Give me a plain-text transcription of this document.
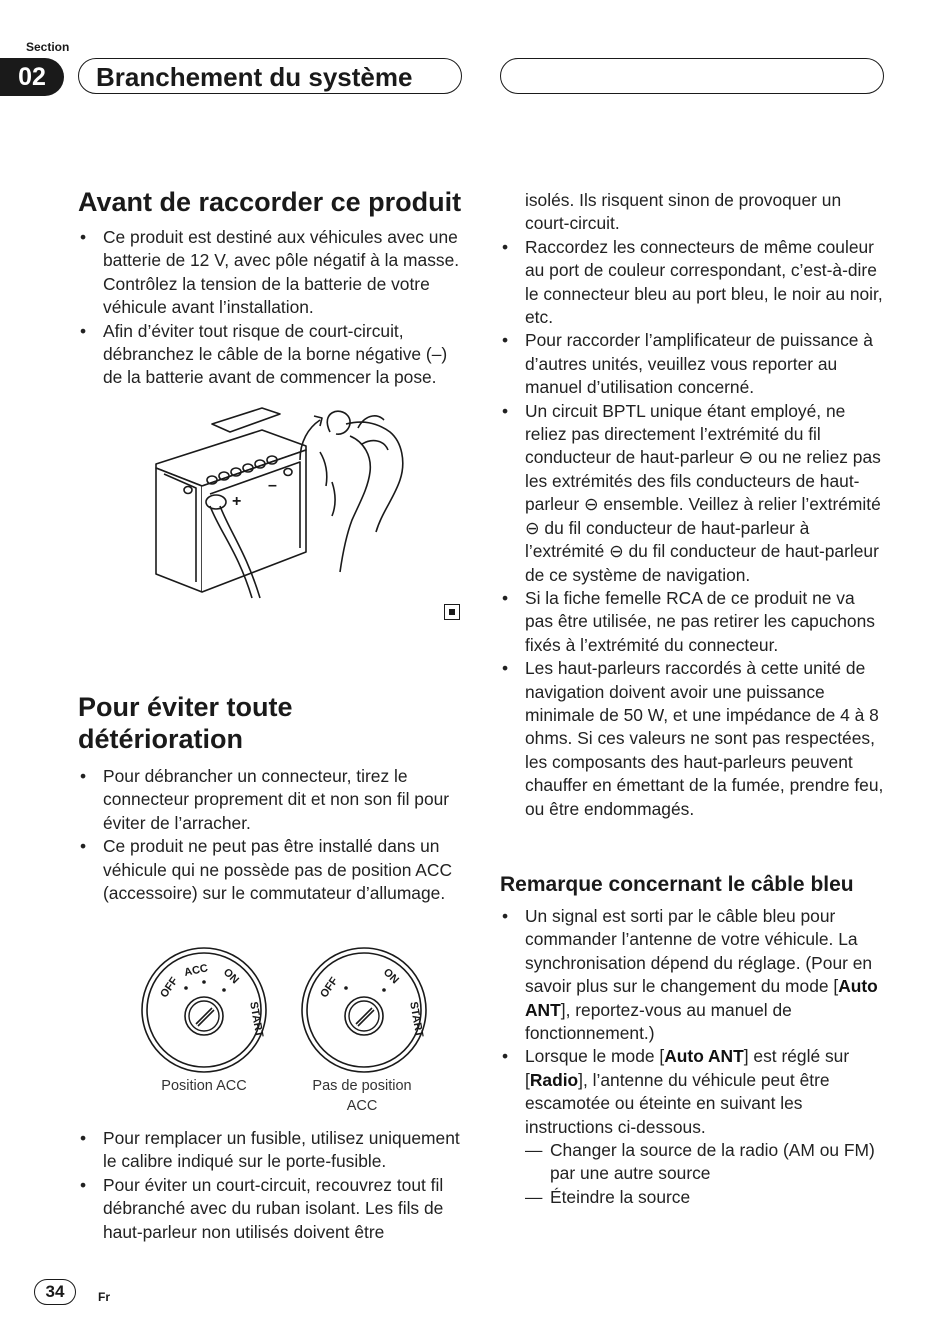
Section
02	Branchement du système
Avant de raccorder ce produit
• Ce produit est destiné aux véhicules avec une batterie de 12 V, avec pôle négatif à la masse. Contrôlez la tension de la batterie de votre véhicule avant l’installation.
• Afin d’éviter tout risque de court-circuit, débranchez le câble de la borne négative (–) de la batterie avant de commencer la pose.
+
–
Pour éviter toute
détérioration
• Pour débrancher un connecteur, tirez le connecteur proprement dit et non son fil pour éviter de l’arracher.
• Ce produit ne peut pas être installé dans un véhicule qui ne possède pas de position ACC (accessoire) sur le commutateur d’allumage.
OFF
ACC ON
START
OFF	ON
START
Position ACC	Pas de position
ACC
• Pour remplacer un fusible, utilisez uniquement le calibre indiqué sur le porte-fusible.
• Pour éviter un court-circuit, recouvrez tout fil débranché avec du ruban isolant. Les fils de haut-parleur non utilisés doivent être
isolés. Ils risquent sinon de provoquer un court-circuit.
• Raccordez les connecteurs de même couleur au port de couleur correspondant, c’est-à-dire le connecteur bleu au port bleu, le noir au noir, etc.
• Pour raccorder l’amplificateur de puissance à d’autres unités, veuillez vous reporter au manuel d’utilisation concerné.
• Un circuit BPTL unique étant employé, ne reliez pas directement l’extrémité du fil conducteur de haut-parleur ⊖ ou ne reliez pas les extrémités des fils conducteurs de haut-parleur ⊖ ensemble. Veillez à relier l’extrémité ⊖ du fil conducteur de haut-parleur à l’extrémité ⊖ du fil conducteur de haut-parleur de ce système de navigation.
• Si la fiche femelle RCA de ce produit ne va pas être utilisée, ne pas retirer les capuchons fixés à l’extrémité du connecteur.
• Les haut-parleurs raccordés à cette unité de navigation doivent avoir une puissance minimale de 50 W, et une impédance de 4 à 8 ohms. Si ces valeurs ne sont pas respectées, les composants des haut-parleurs peuvent chauffer en émettant de la fumée, prendre feu, ou être endommagés.
Remarque concernant le câble bleu
• Un signal est sorti par le câble bleu pour commander l’antenne de votre véhicule. La synchronisation dépend du réglage. (Pour en savoir plus sur le changement du mode [Auto ANT], reportez-vous au manuel de fonctionnement.)
• Lorsque le mode [Auto ANT] est réglé sur [Radio], l’antenne du véhicule peut être escamotée ou éteinte en suivant les instructions ci-dessous.
— Changer la source de la radio (AM ou FM) par une autre source
— Éteindre la source
34	Fr
